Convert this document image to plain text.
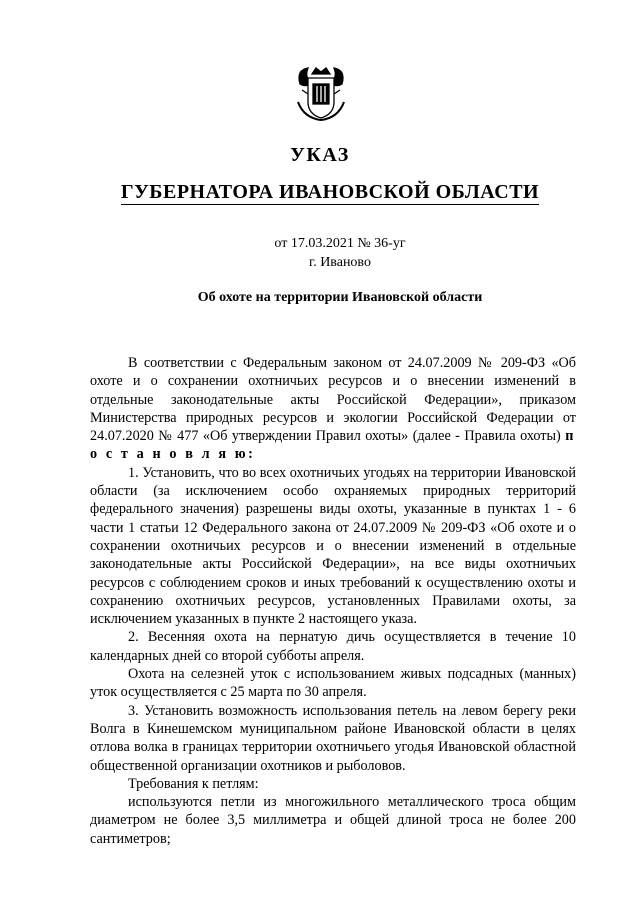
УКАЗ
ГУБЕРНАТОРА ИВАНОВСКОЙ ОБЛАСТИ
от 17.03.2021 № 36-уг
г. Иваново
Об охоте на территории Ивановской области

В соответствии с Федеральным законом от 24.07.2009 № 209-ФЗ «Об охоте и о сохранении охотничьих ресурсов и о внесении изменений в отдельные законодательные акты Российской Федерации», приказом Министерства природных ресурсов и экологии Российской Федерации от 24.07.2020 № 477 «Об утверждении Правил охоты» (далее - Правила охоты) п о с т а н о в л я ю:

1. Установить, что во всех охотничьих угодьях на территории Ивановской области (за исключением особо охраняемых природных территорий федерального значения) разрешены виды охоты, указанные в пунктах 1 - 6 части 1 статьи 12 Федерального закона от 24.07.2009 № 209-ФЗ «Об охоте и о сохранении охотничьих ресурсов и о внесении изменений в отдельные законодательные акты Российской Федерации», на все виды охотничьих ресурсов с соблюдением сроков и иных требований к осуществлению охоты и сохранению охотничьих ресурсов, установленных Правилами охоты, за исключением указанных в пункте 2 настоящего указа.

2. Весенняя охота на пернатую дичь осуществляется в течение 10 календарных дней со второй субботы апреля.

Охота на селезней уток с использованием живых подсадных (манных) уток осуществляется с 25 марта по 30 апреля.

3. Установить возможность использования петель на левом берегу реки Волга в Кинешемском муниципальном районе Ивановской области в целях отлова волка в границах территории охотничьего угодья Ивановской областной общественной организации охотников и рыболовов.

Требования к петлям:

используются петли из многожильного металлического троса общим диаметром не более 3,5 миллиметра и общей длиной троса не более 200 сантиметров;
